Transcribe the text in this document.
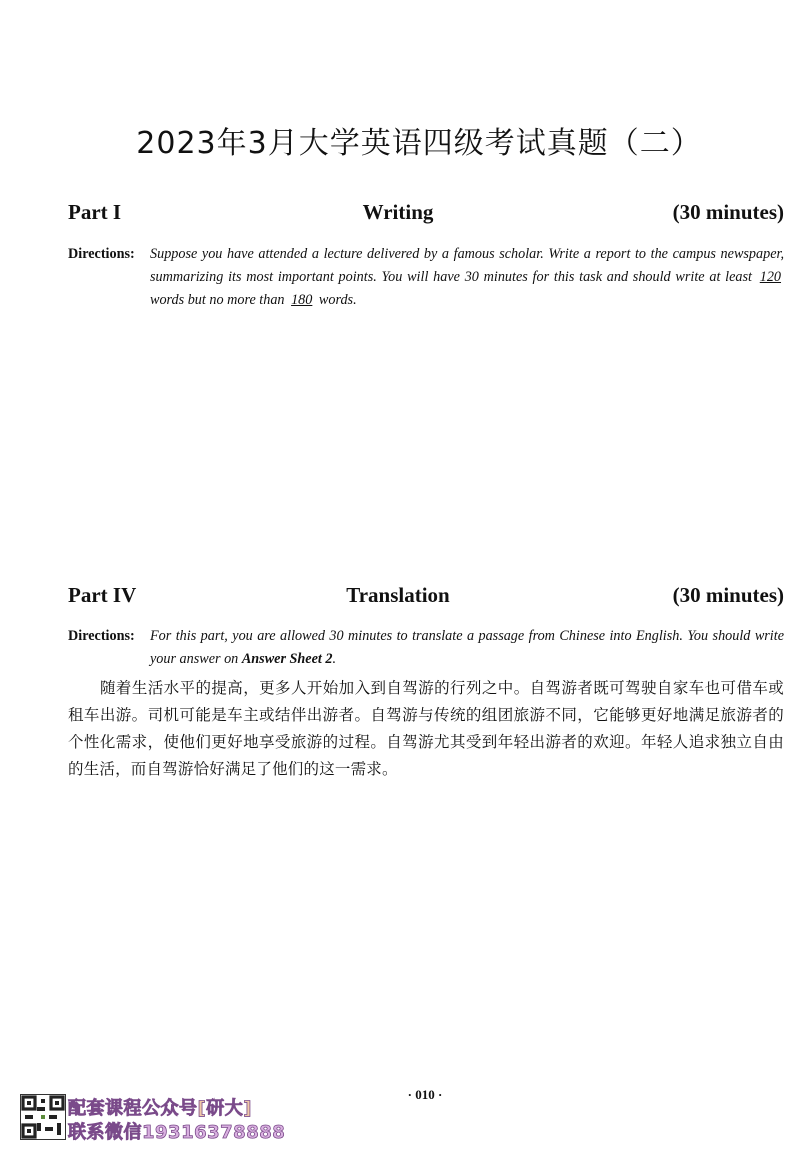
2023年3月大学英语四级考试真题（二）
Part I	Writing	(30 minutes)
Directions: Suppose you have attended a lecture delivered by a famous scholar. Write a report to the campus newspaper, summarizing its most important points. You will have 30 minutes for this task and should write at least 120 words but no more than 180 words.
Part IV	Translation	(30 minutes)
Directions: For this part, you are allowed 30 minutes to translate a passage from Chinese into English. You should write your answer on Answer Sheet 2.
随着生活水平的提高，更多人开始加入到自驾游的行列之中。自驾游者既可驾驶自家车也可借车或租车出游。司机可能是车主或结伴出游者。自驾游与传统的组团旅游不同，它能够更好地满足旅游者的个性化需求，使他们更好地享受旅游的过程。自驾游尤其受到年轻出游者的欢迎。年轻人追求独立自由的生活，而自驾游恰好满足了他们的这一需求。
· 010 ·
配套课程公众号[研大]
联系微信19316378888
